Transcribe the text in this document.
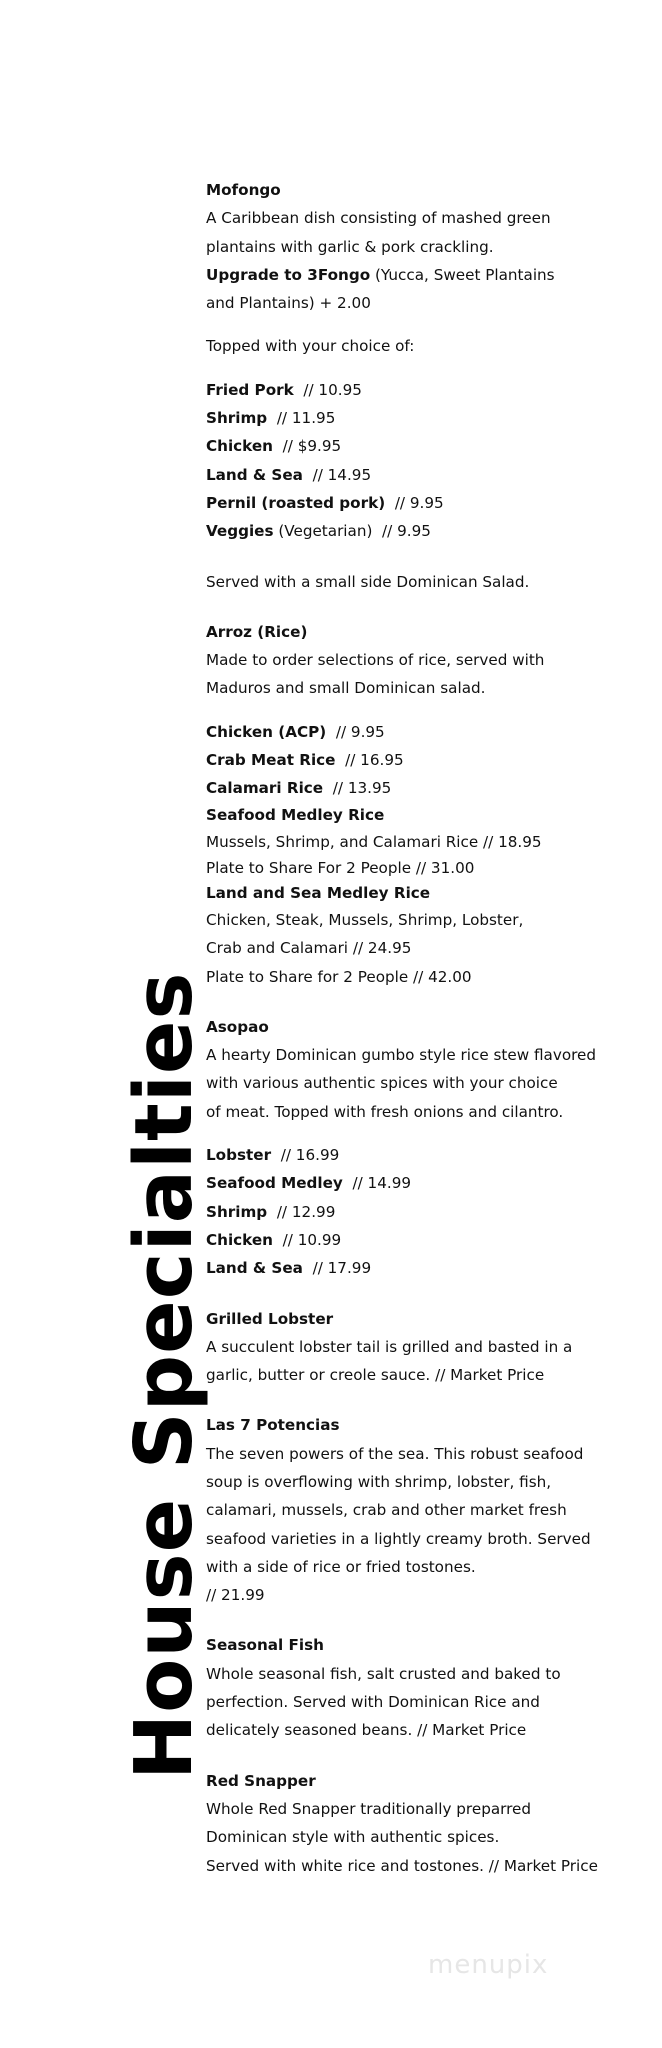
House Specialties
Mofongo
A Caribbean dish consisting of mashed green
plantains with garlic & pork crackling.
Upgrade to 3Fongo (Yucca, Sweet Plantains
and Plantains) + 2.00
Topped with your choice of:
Fried Pork // 10.95
Shrimp // 11.95
Chicken // $9.95
Land & Sea // 14.95
Pernil (roasted pork) // 9.95
Veggies (Vegetarian) // 9.95
Served with a small side Dominican Salad.
Arroz (Rice)
Made to order selections of rice, served with
Maduros and small Dominican salad.
Chicken (ACP) // 9.95
Crab Meat Rice // 16.95
Calamari Rice // 13.95
Seafood Medley Rice
Mussels, Shrimp, and Calamari Rice // 18.95
Plate to Share For 2 People // 31.00
Land and Sea Medley Rice
Chicken, Steak, Mussels, Shrimp, Lobster,
Crab and Calamari // 24.95
Plate to Share for 2 People // 42.00
Asopao
A hearty Dominican gumbo style rice stew flavored
with various authentic spices with your choice
of meat. Topped with fresh onions and cilantro.
Lobster // 16.99
Seafood Medley // 14.99
Shrimp // 12.99
Chicken // 10.99
Land & Sea // 17.99
Grilled Lobster
A succulent lobster tail is grilled and basted in a
garlic, butter or creole sauce. // Market Price
Las 7 Potencias
The seven powers of the sea. This robust seafood
soup is overflowing with shrimp, lobster, fish,
calamari, mussels, crab and other market fresh
seafood varieties in a lightly creamy broth. Served
with a side of rice or fried tostones.
// 21.99
Seasonal Fish
Whole seasonal fish, salt crusted and baked to
perfection. Served with Dominican Rice and
delicately seasoned beans. // Market Price
Red Snapper
Whole Red Snapper traditionally preparred
Dominican style with authentic spices.
Served with white rice and tostones. // Market Price
menupix
